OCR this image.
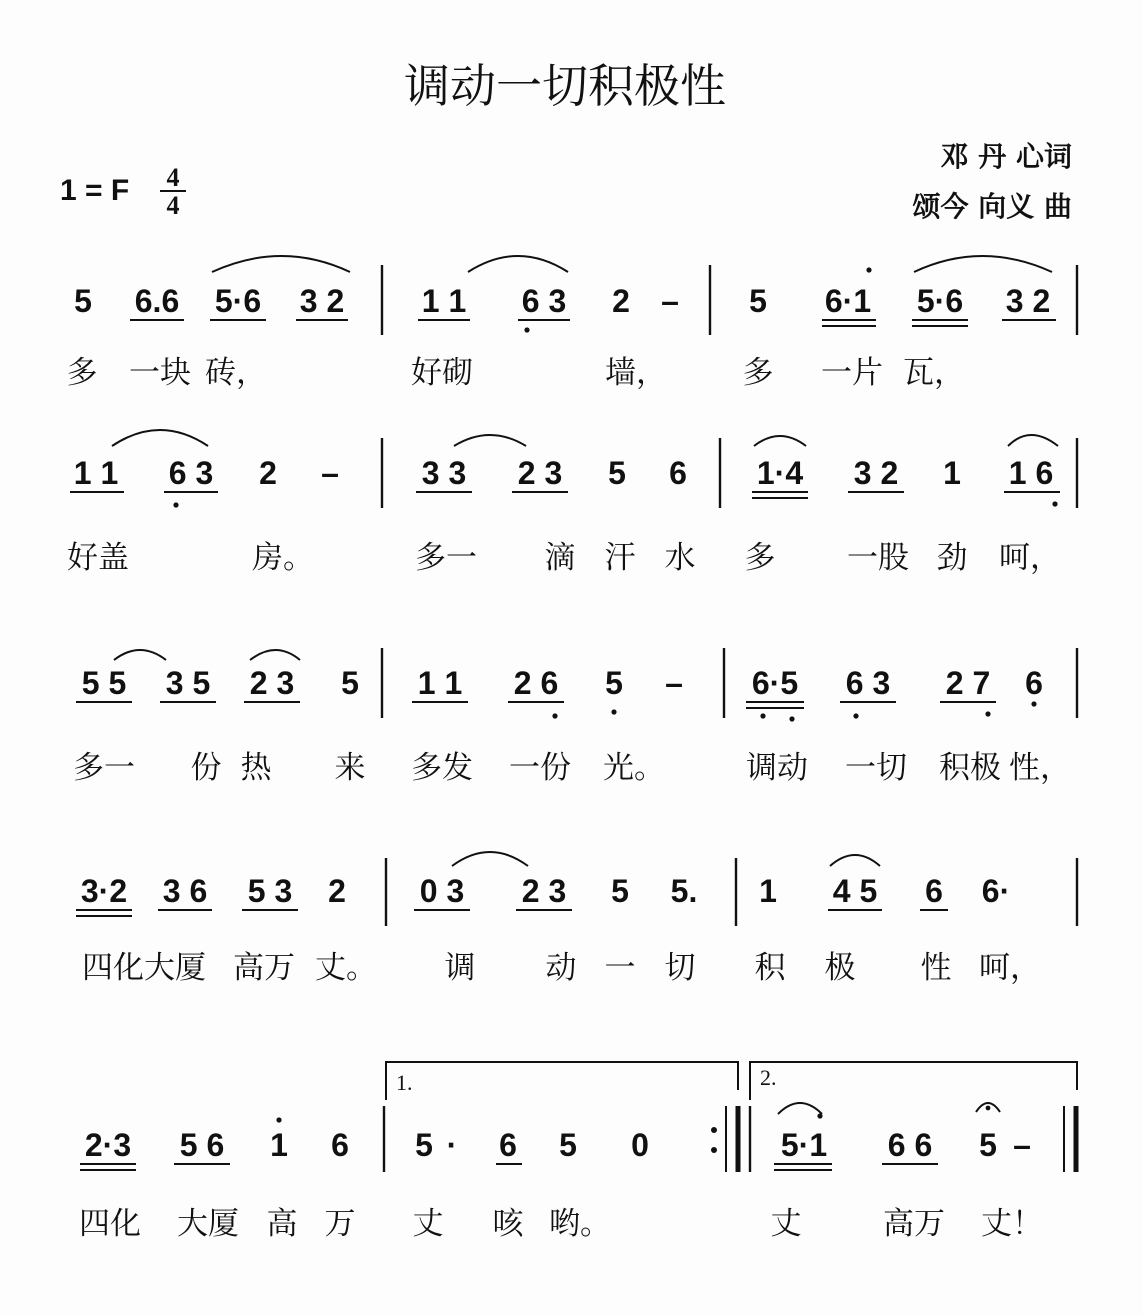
调动一切积极性
邓 丹 心词
颂今 向义 曲
1 = F 4
4
5 6.6 5·6 3 2 1 1 6 3 2 – 5 6·1 5·6 3 2
多 一块 砖，	好砌	墙， 多 一片 瓦，
1 1 6 3 2 –	3 3 2 3 5 6 1·4 3 2 1 1 6
好盖	房。	多一 滴 汗 水 多 一股 劲 呵，
5 5 3 5 2 3 5 1 1 2 6 5 – 6·5 6 3 2 7 6
多一 份 热 来 多发 一份 光。	调动 一切 积极 性，
3·2 3 6 5 3 2 0 3 2 3 5 5. 1 4 5 6 6·
四化大厦 高万 丈。 调 动 一 切 积 极 性 呵，
1.	2.
2·3 5 6 1 6 5 · 6 5 0	5·1 6 6 5 –
四化 大厦 高 万 丈 咳 哟。	丈	高万 丈！
